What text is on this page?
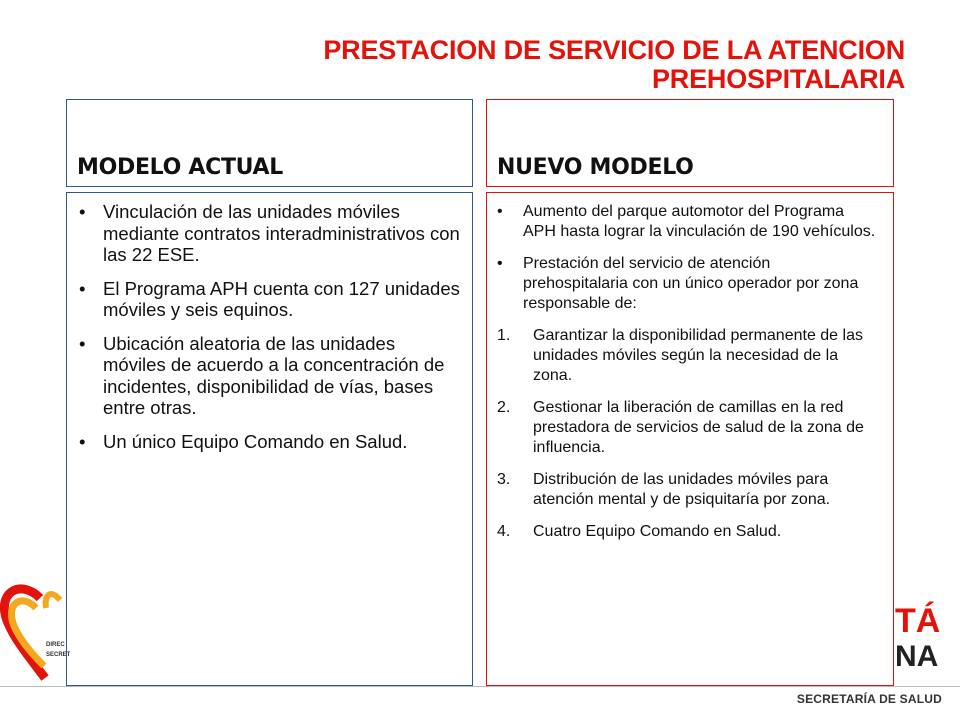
PRESTACION DE SERVICIO DE LA ATENCION
PREHOSPITALARIA
MODELO ACTUAL	NUEVO MODELO
• Vinculación de las unidades móviles mediante contratos interadministrativos con las 22 ESE.
• El Programa APH cuenta con 127 unidades móviles y seis equinos.
• Ubicación aleatoria de las unidades móviles de acuerdo a la concentración de incidentes, disponibilidad de vías, bases entre otras.
• Un único Equipo Comando en Salud.
• Aumento del parque automotor del Programa APH hasta lograr la vinculación de 190 vehículos.
• Prestación del servicio de atención prehospitalaria con un único operador por zona responsable de:
1. Garantizar la disponibilidad permanente de las unidades móviles según la necesidad de la zona.
2. Gestionar la liberación de camillas en la red prestadora de servicios de salud de la zona de influencia.
3. Distribución de las unidades móviles para atención mental y de psiquitaría por zona.
4. Cuatro Equipo Comando en Salud.
DIREC
SECRET
TÁ
NA
SECRETARÍA DE SALUD
